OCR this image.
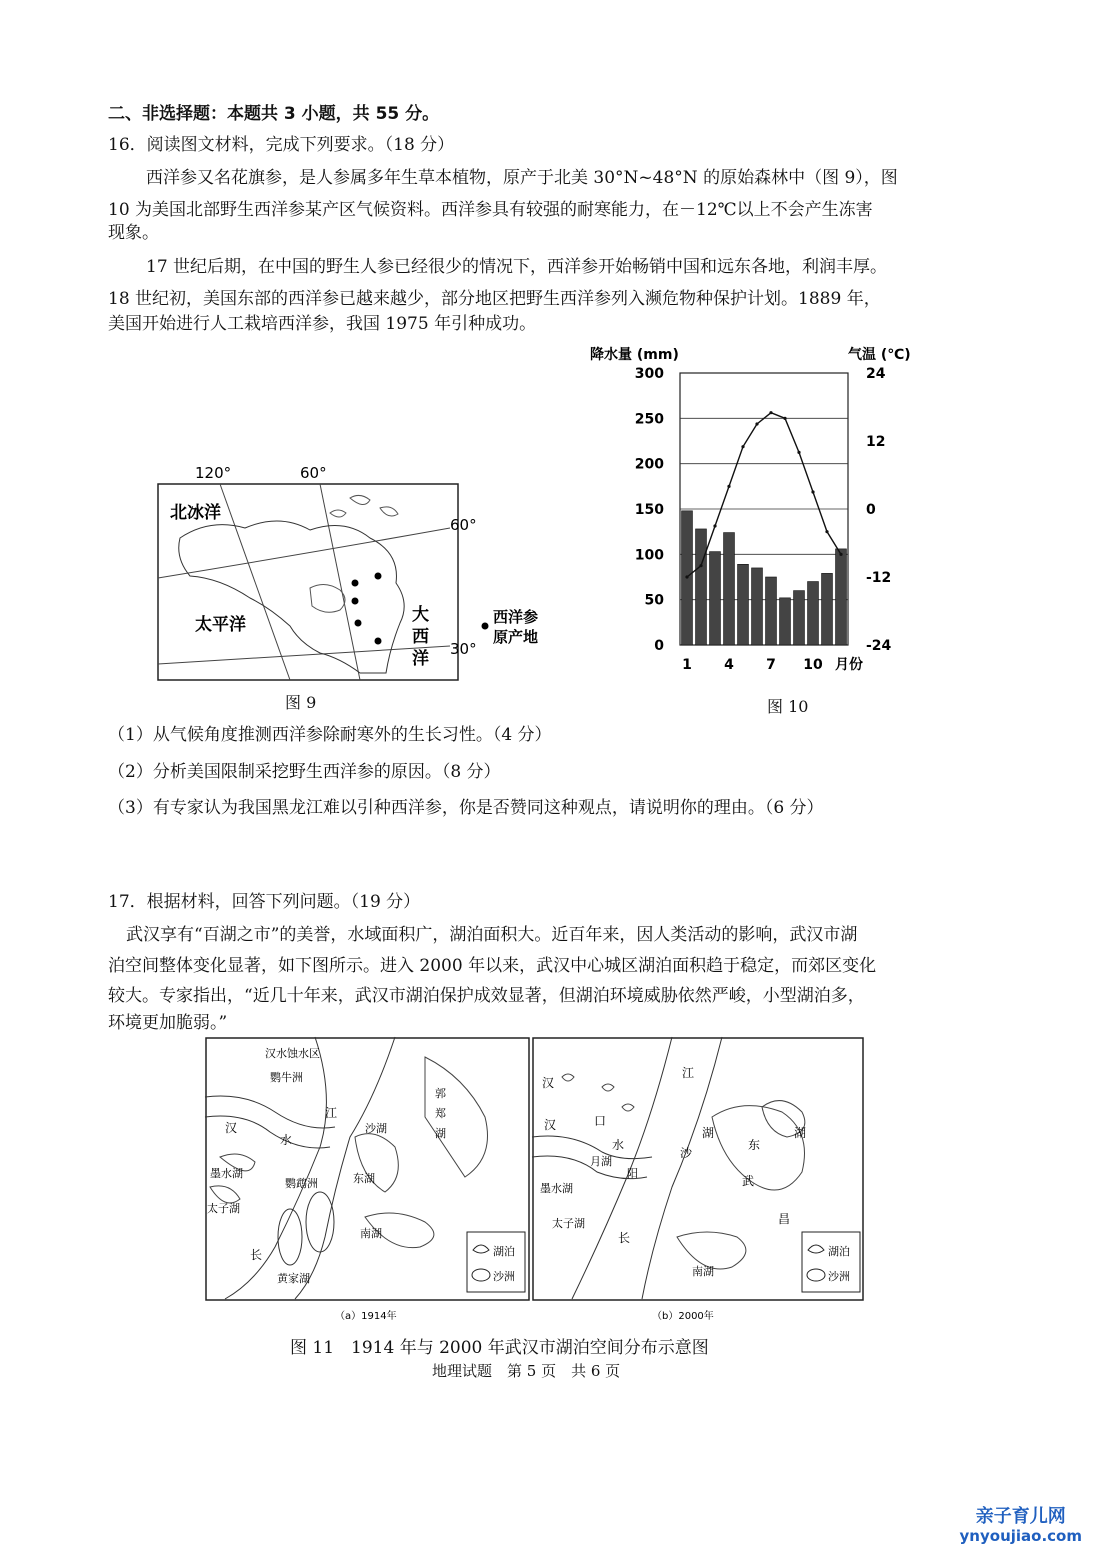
二、非选择题：本题共 3 小题，共 55 分。
16．阅读图文材料，完成下列要求。（18 分）
西洋参又名花旗参，是人参属多年生草本植物，原产于北美 30°N~48°N 的原始森林中（图 9），图
10 为美国北部野生西洋参某产区气候资料。西洋参具有较强的耐寒能力，在－12℃以上不会产生冻害
现象。
17 世纪后期，在中国的野生人参已经很少的情况下，西洋参开始畅销中国和远东各地，利润丰厚。
18 世纪初，美国东部的西洋参已越来越少，部分地区把野生西洋参列入濒危物种保护计划。1889 年，
美国开始进行人工栽培西洋参，我国 1975 年引种成功。
120°	60°
60°
30°
北冰洋
太平洋	大
西
洋
西洋参
原产地
图 9
降水量 (mm)	气温 (℃)
300
250
200
150
100
50
0
24
12
0
-12
-24
1 4 7 10 月份
图 10
（1）从气候角度推测西洋参除耐寒外的生长习性。（4 分）
（2）分析美国限制采挖野生西洋参的原因。（8 分）
（3）有专家认为我国黑龙江难以引种西洋参，你是否赞同这种观点，请说明你的理由。（6 分）
17．根据材料，回答下列问题。（19 分）
武汉享有“百湖之市”的美誉，水域面积广，湖泊面积大。近百年来，因人类活动的影响，武汉市湖
泊空间整体变化显著，如下图所示。进入 2000 年以来，武汉中心城区湖泊面积趋于稳定，而郊区变化
较大。专家指出，“近几十年来，武汉市湖泊保护成效显著，但湖泊环境威胁依然严峻，小型湖泊多，
环境更加脆弱。”
汉水蚀水区
鹦牛洲
汉
水
江
沙湖
郭
郑
湖
墨水湖
鹦鹉洲
太子湖
东湖
南湖
长
黄家湖
湖泊
沙洲
（a）1914年
汉
口
汉
水
江
月湖
阳
墨水湖
太子湖
沙
湖
东
湖
武
昌
长
南湖
湖泊
沙洲
（b）2000年
图 11　1914 年与 2000 年武汉市湖泊空间分布示意图
地理试题　第 5 页　共 6 页
亲子育儿网
ynyoujiao.com
